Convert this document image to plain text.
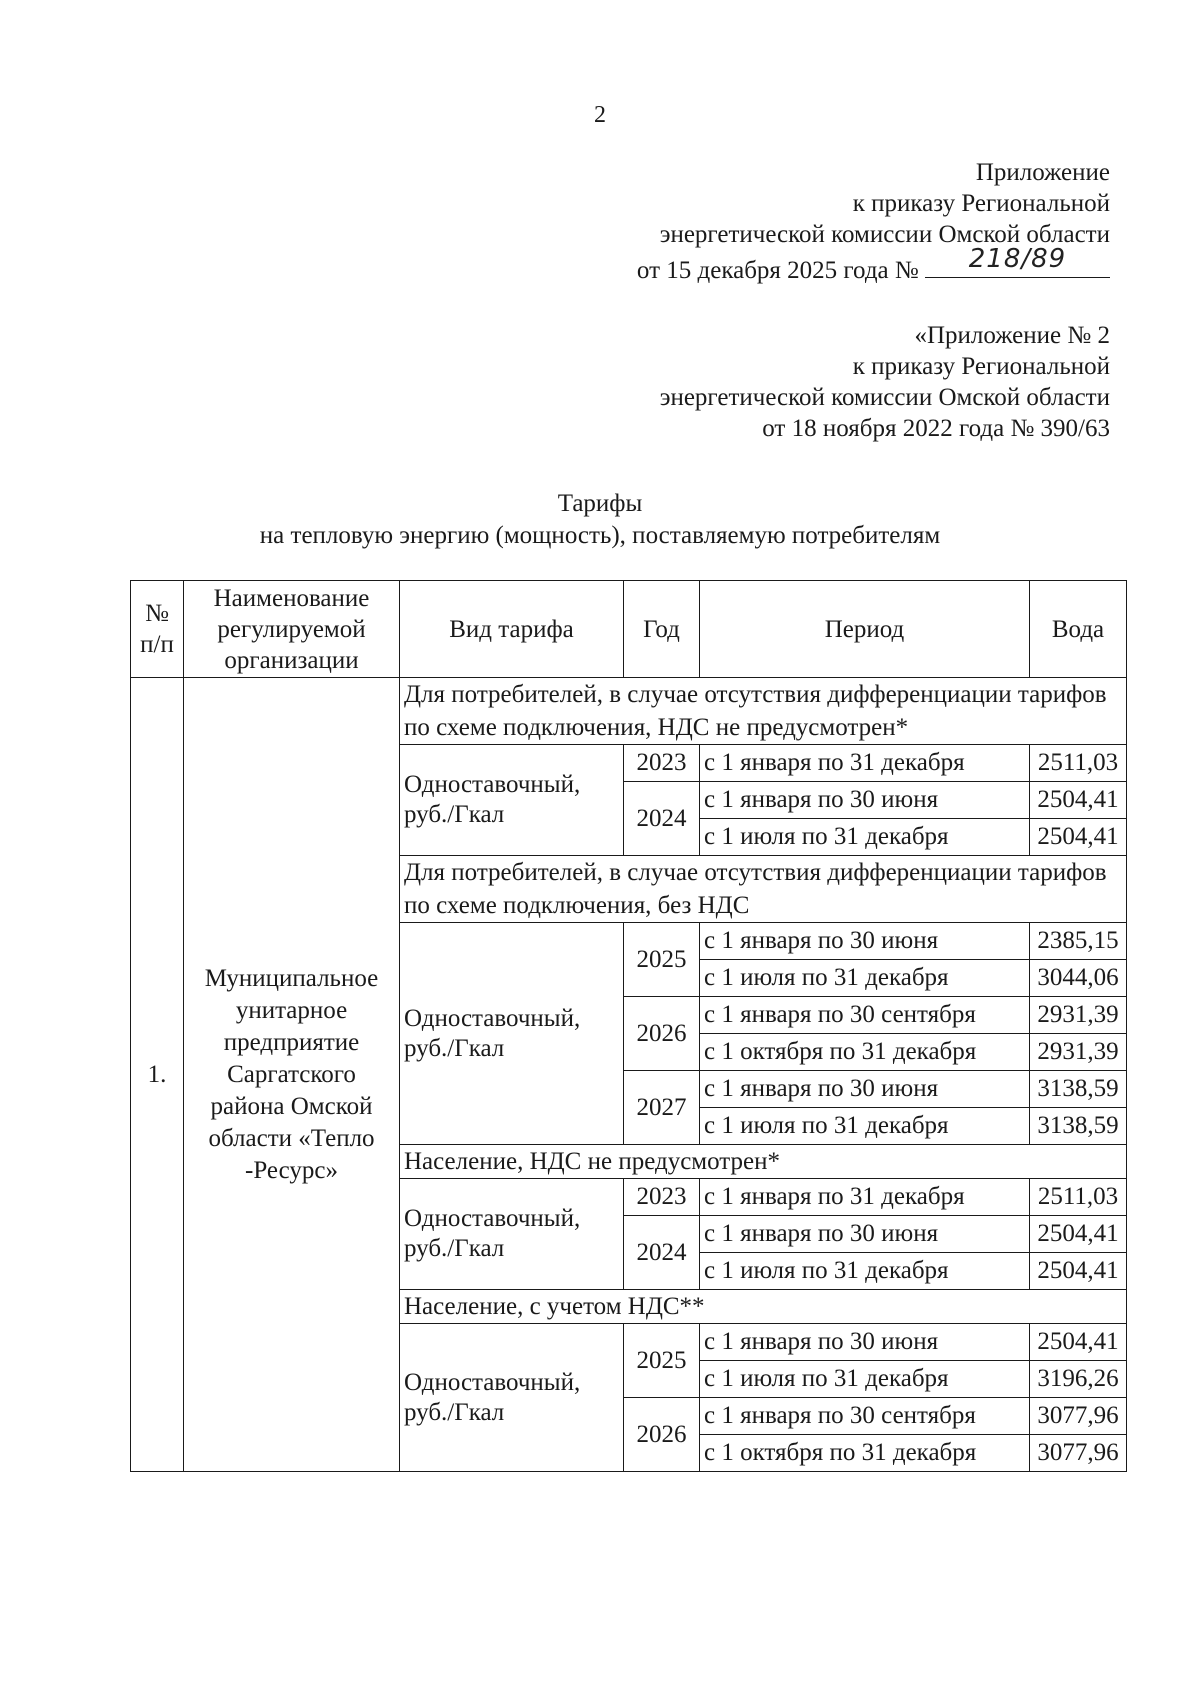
2
Приложение
к приказу Региональной
энергетической комиссии Омской области
от 15 декабря 2025 года №	218/89
«Приложение № 2
к приказу Региональной
энергетической комиссии Омской области
от 18 ноября 2022 года № 390/63
Тарифы
на тепловую энергию (мощность), поставляемую потребителям
№ п/п	Наименование регулируемой организации	Вид тарифа	Год	Период	Вода
1.	Муниципальное унитарное предприятие Саргатского района Омской области «Тепло -Ресурс»	Для потребителей, в случае отсутствия дифференциации тарифов по схеме подключения, НДС не предусмотрен*			
		Одноставочный, руб./Гкал	2023	с 1 января по 31 декабря	2511,03
			2024	с 1 января по 30 июня	2504,41
				с 1 июля по 31 декабря	2504,41
		Для потребителей, в случае отсутствия дифференциации тарифов по схеме подключения, без НДС			
		Одноставочный, руб./Гкал	2025	с 1 января по 30 июня	2385,15
				с 1 июля по 31 декабря	3044,06
			2026	с 1 января по 30 сентября	2931,39
				с 1 октября по 31 декабря	2931,39
			2027	с 1 января по 30 июня	3138,59
				с 1 июля по 31 декабря	3138,59
		Население, НДС не предусмотрен*			
		Одноставочный, руб./Гкал	2023	с 1 января по 31 декабря	2511,03
			2024	с 1 января по 30 июня	2504,41
				с 1 июля по 31 декабря	2504,41
		Население, с учетом НДС**			
		Одноставочный, руб./Гкал	2025	с 1 января по 30 июня	2504,41
				с 1 июля по 31 декабря	3196,26
			2026	с 1 января по 30 сентября	3077,96
				с 1 октября по 31 декабря	3077,96
